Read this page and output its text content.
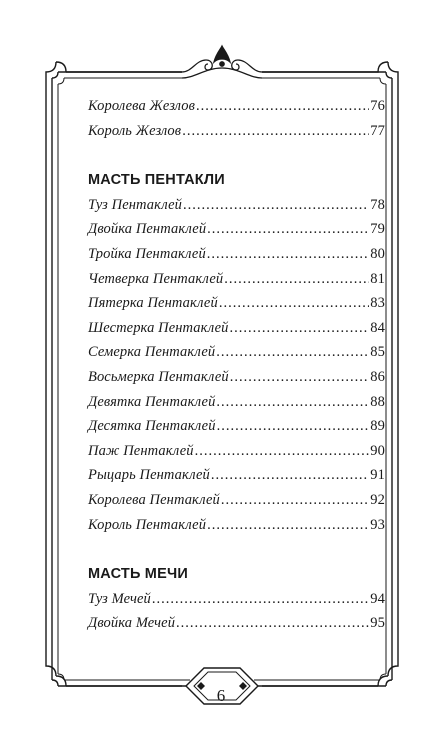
Королева Жезлов .....	76
Король Жезлов .....	77
МАСТЬ ПЕНТАКЛИ
Туз Пентаклей .....	78
Двойка Пентаклей .....	79
Тройка Пентаклей .....	80
Четверка Пентаклей .....	81
Пятерка Пентаклей .....	83
Шестерка Пентаклей .....	84
Семерка Пентаклей .....	85
Восьмерка Пентаклей .....	86
Девятка Пентаклей .....	88
Десятка Пентаклей .....	89
Паж Пентаклей .....	90
Рыцарь Пентаклей .....	91
Королева Пентаклей .....	92
Король Пентаклей .....	93
МАСТЬ МЕЧИ
Туз Мечей .....	94
Двойка Мечей .....	95
6
